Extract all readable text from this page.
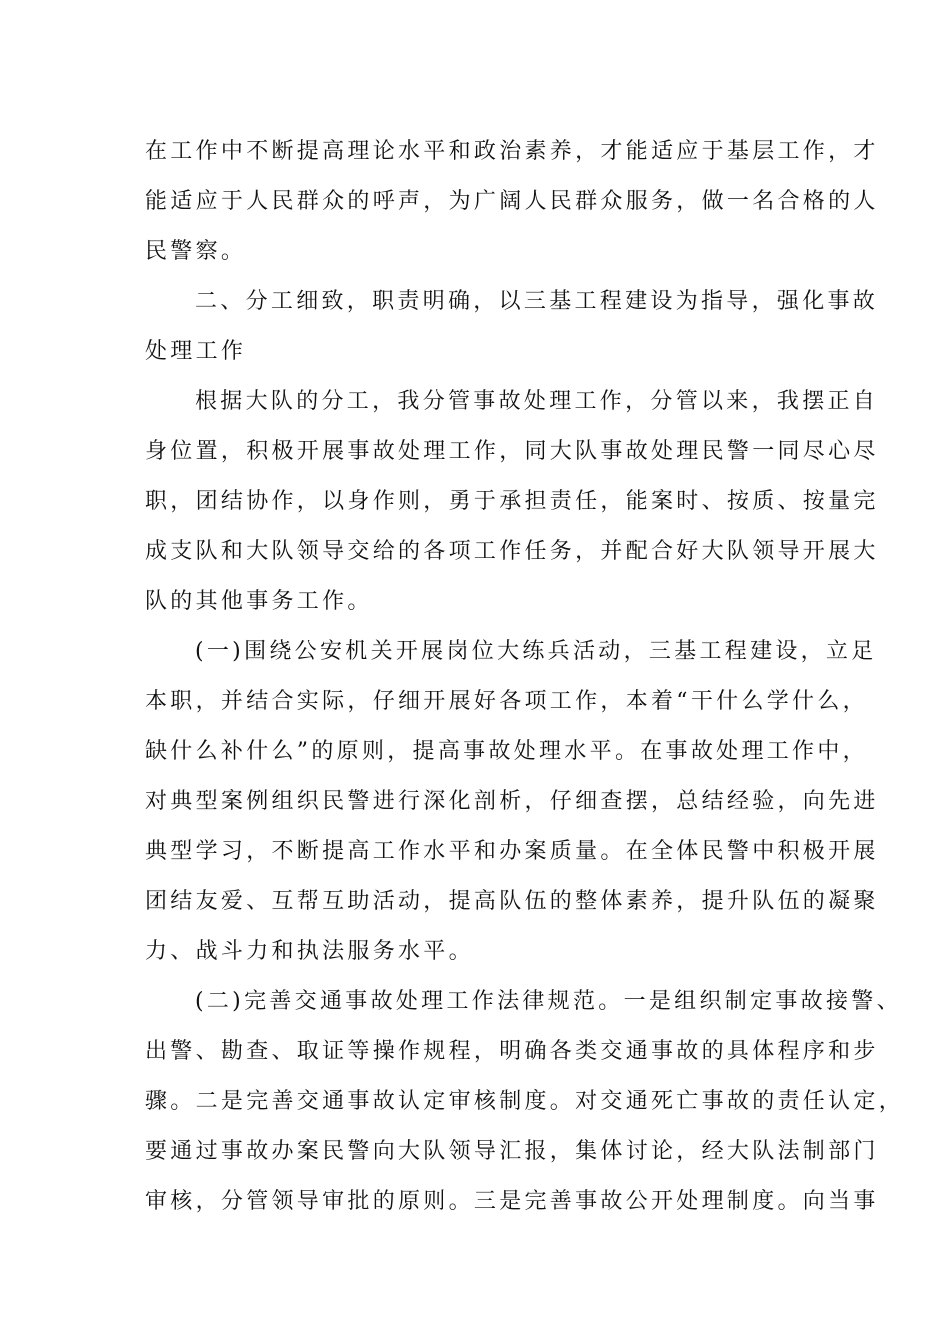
在工作中不断提高理论水平和政治素养，才能适应于基层工作，才
能适应于人民群众的呼声，为广阔人民群众服务，做一名合格的人
民警察。
二、分工细致，职责明确，以三基工程建设为指导，强化事故
处理工作
根据大队的分工，我分管事故处理工作，分管以来，我摆正自
身位置，积极开展事故处理工作，同大队事故处理民警一同尽心尽
职，团结协作，以身作则，勇于承担责任，能案时、按质、按量完
成支队和大队领导交给的各项工作任务，并配合好大队领导开展大
队的其他事务工作。
(一)围绕公安机关开展岗位大练兵活动，三基工程建设，立足
本职，并结合实际，仔细开展好各项工作，本着“干什么学什么，
缺什么补什么”的原则，提高事故处理水平。在事故处理工作中，
对典型案例组织民警进行深化剖析，仔细查摆，总结经验，向先进
典型学习，不断提高工作水平和办案质量。在全体民警中积极开展
团结友爱、互帮互助活动，提高队伍的整体素养，提升队伍的凝聚
力、战斗力和执法服务水平。
(二)完善交通事故处理工作法律规范。一是组织制定事故接警、
出警、勘查、取证等操作规程，明确各类交通事故的具体程序和步
骤。二是完善交通事故认定审核制度。对交通死亡事故的责任认定，
要通过事故办案民警向大队领导汇报，集体讨论，经大队法制部门
审核，分管领导审批的原则。三是完善事故公开处理制度。向当事
